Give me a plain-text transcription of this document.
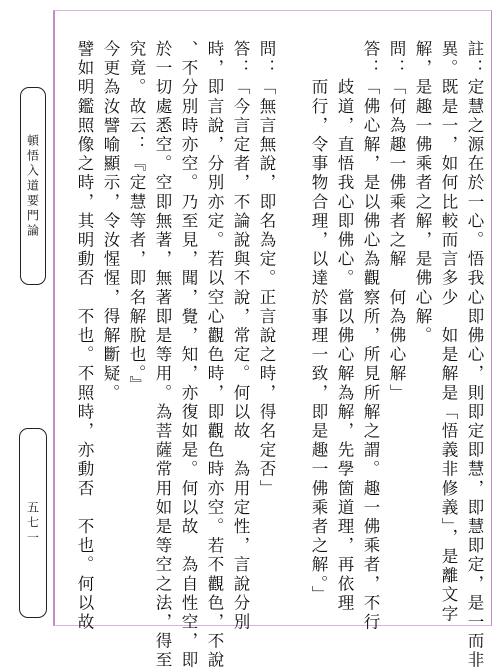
頓悟入道要門論
五七一	註：定慧之源在於一心。悟我心即佛心，則即定即慧，即慧即定，是一而非
異。既是一，如何比較而言多少　如是解是「悟義非修義」，是離文字
解，是趣一佛乘者之解，是佛心解。
問：「何為趣一佛乘者之解　何為佛心解」
答：「佛心解，是以佛心為觀察所，所見所解之謂。趣一佛乘者，不行
　　歧道，直悟我心即佛心。當以佛心解為解，先學箇道理，再依理
　　而行，令事物合理，以達於事理一致，即是趣一佛乘者之解。」
問：「無言無說，即名為定。正言說之時，得名定否」
答：「今言定者，不論說與不說，常定。何以故　為用定性，言說分別
時，即言說，分別亦定。若以空心觀色時，即觀色時亦空。若不觀色，不說
、不分別時亦空。乃至見，聞，覺，知，亦復如是。何以故　為自性空，即
於一切處悉空。空即無著，無著即是等用。為菩薩常用如是等空之法，得至
究竟。故云：『定慧等者，即名解脫也。』
今更為汝譬喻顯示，令汝惺惺，得解斷疑。
譬如明鑑照像之時，其明動否　不也。不照時，亦動否　不也。何以故
